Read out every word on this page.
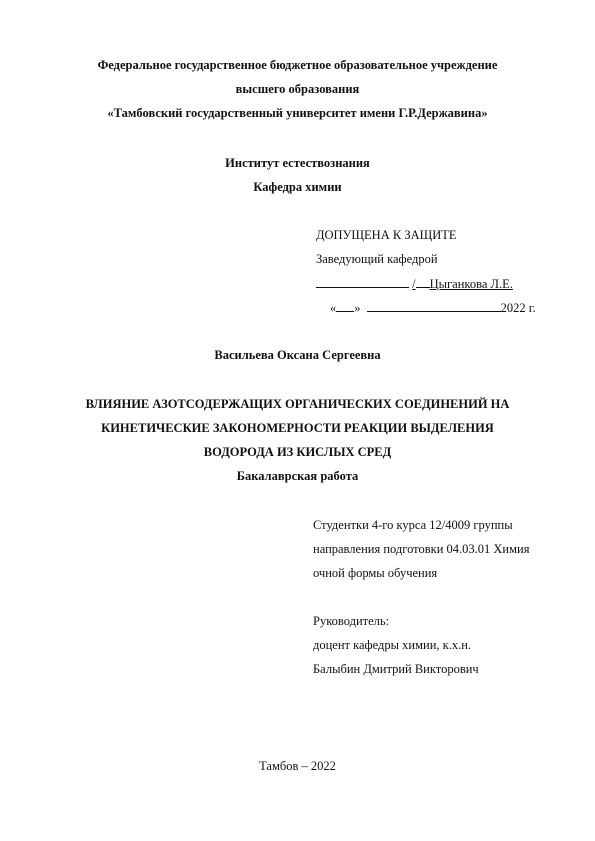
Федеральное государственное бюджетное образовательное учреждение
высшего образования
«Тамбовский государственный университет имени Г.Р.Державина»
Институт естествознания
Кафедра химии
ДОПУЩЕНА К ЗАЩИТЕ
Заведующий кафедрой
/ Цыганкова Л.Е.
« »	2022 г.
Васильева Оксана Сергеевна
ВЛИЯНИЕ АЗОТСОДЕРЖАЩИХ ОРГАНИЧЕСКИХ СОЕДИНЕНИЙ НА
КИНЕТИЧЕСКИЕ ЗАКОНОМЕРНОСТИ РЕАКЦИИ ВЫДЕЛЕНИЯ
ВОДОРОДА ИЗ КИСЛЫХ СРЕД
Бакалаврская работа
Студентки 4-го курса 12/4009 группы
направления подготовки 04.03.01 Химия
очной формы обучения
Руководитель:
доцент кафедры химии, к.х.н.
Балыбин Дмитрий Викторович
Тамбов – 2022
